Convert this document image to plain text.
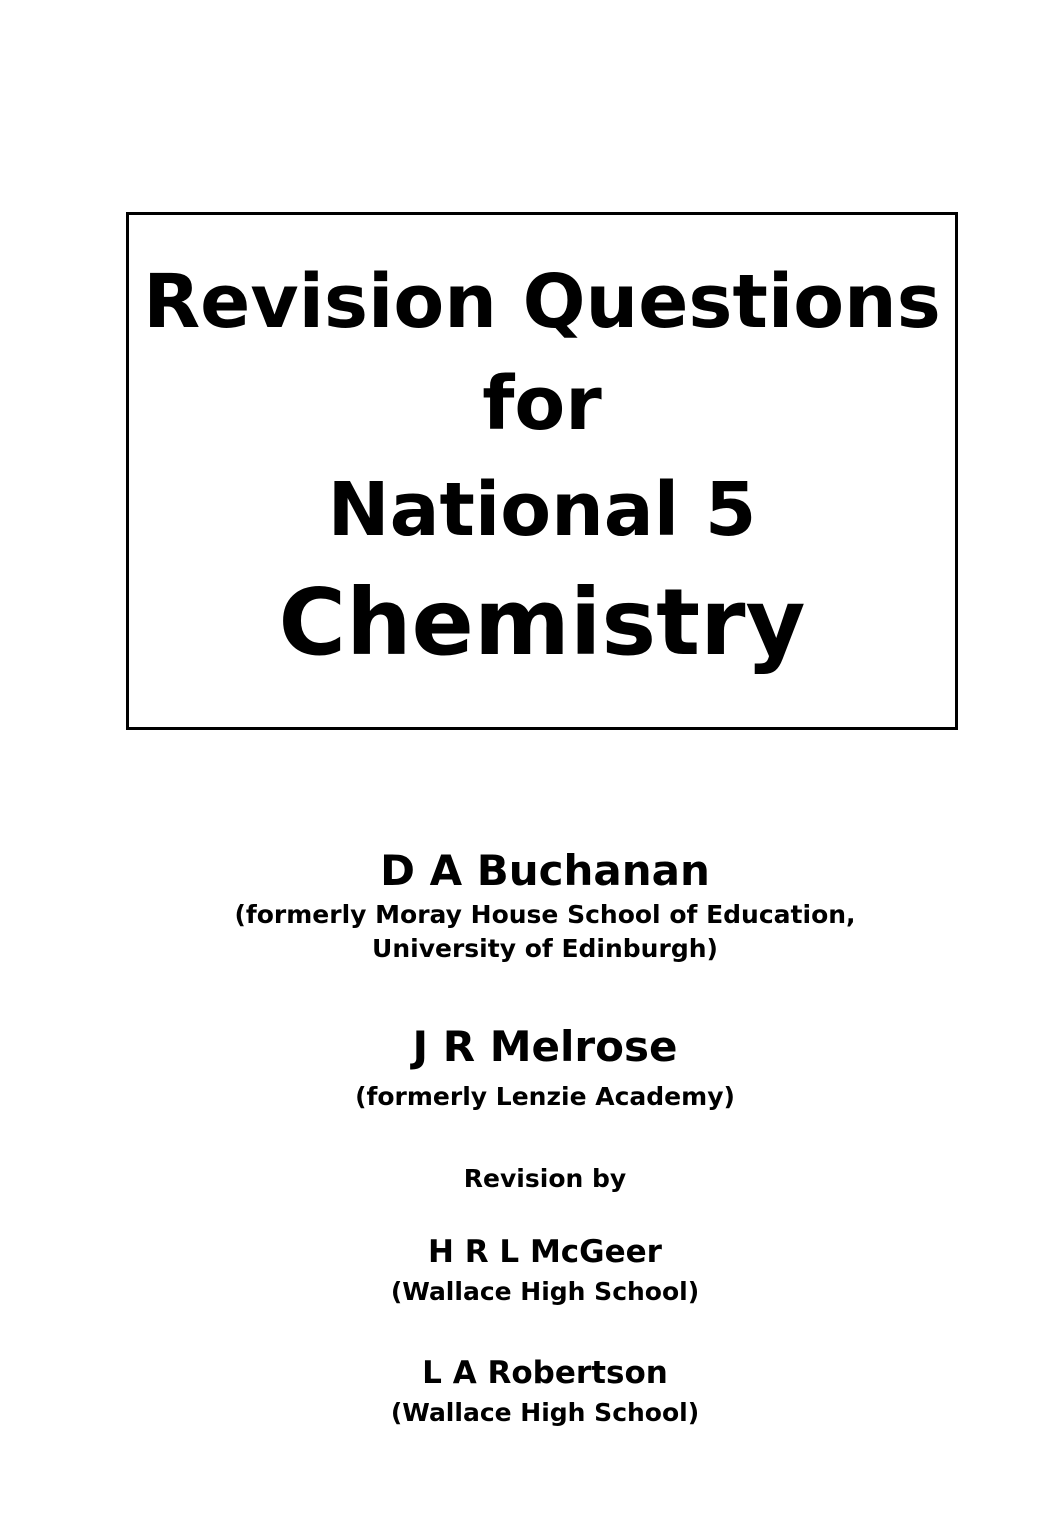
Revision Questions
for
National 5
Chemistry
D A Buchanan
(formerly Moray House School of Education,
University of Edinburgh)
J R Melrose
(formerly Lenzie Academy)
Revision by
H R L McGeer
(Wallace High School)
L A Robertson
(Wallace High School)
